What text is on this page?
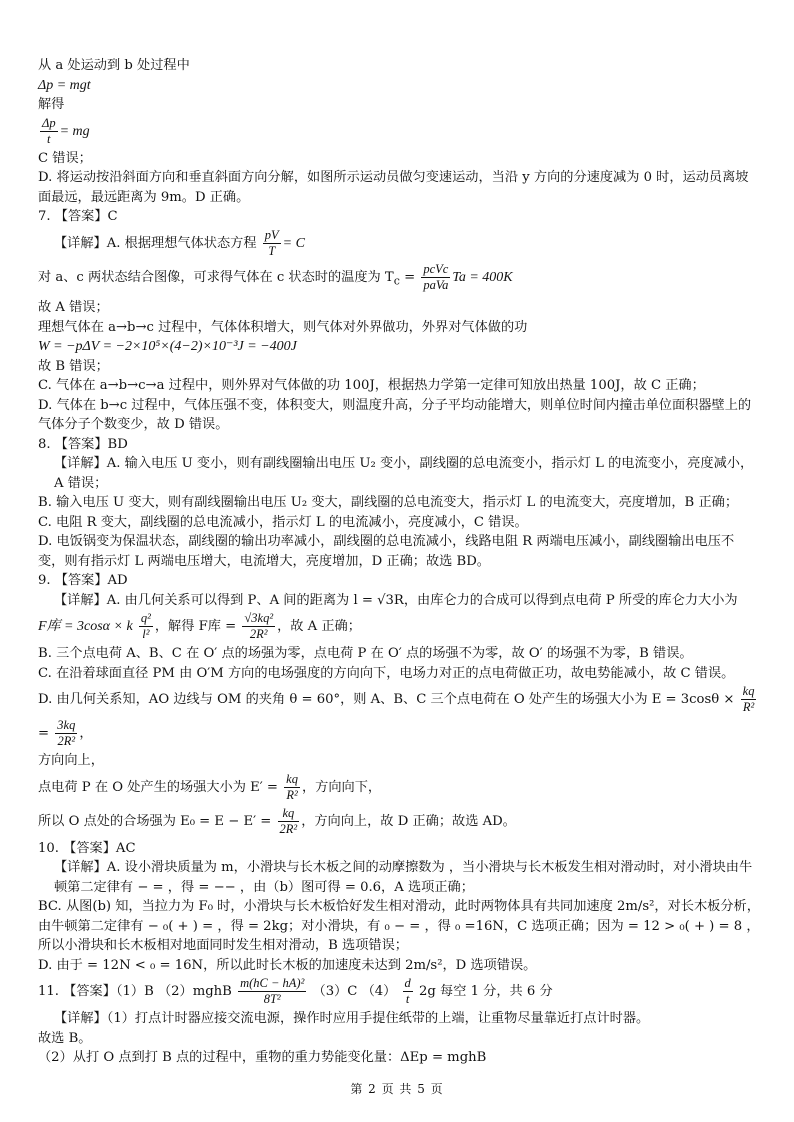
从 a 处运动到 b 处过程中

Δp = mgt

解得

$\frac{\Delta p}{t}$ = mg

C 错误；

D. 将运动按沿斜面方向和垂直斜面方向分解，如图所示运动员做匀变速运动，当沿 y 方向的分速度减为 0 时，运动员离坡面最远，最远距离为 9m。D 正确。

7. 【答案】C

【详解】A. 根据理想气体状态方程 $\frac{pV}{T} = C$

对 a、c 两状态结合图像，可求得气体在 c 状态时的温度为 $T_c = \frac{\text{pcVc}}{\text{paVa}}$ Ta = 400K

故 A 错误；

理想气体在 a→b→c 过程中，气体体积增大，则气体对外界做功，外界对气体做的功

W = −pΔV = −2×10⁵×(4−2)×10⁻³J = −400J

故 B 错误；

C. 气体在 a→b→c→a 过程中，则外界对气体做的功 100J，根据热力学第一定律可知放出热量 100J，故 C 正确；

D. 气体在 b→c 过程中，气体压强不变，体积变大，则温度升高，分子平均动能增大，则单位时间内撞击单位面积器壁上的气体分子个数变少，故 D 错误。

8. 【答案】BD

【详解】A. 输入电压 U 变小，则有副线圈输出电压 U₂ 变小，副线圈的总电流变小，指示灯 L 的电流变小，亮度减小，A 错误；

B. 输入电压 U 变大，则有副线圈输出电压 U₂ 变大，副线圈的总电流变大，指示灯 L 的电流变大，亮度增加，B 正确；

C. 电阻 R 变大，副线圈的总电流减小，指示灯 L 的电流减小，亮度减小，C 错误。

D. 电饭锅变为保温状态，副线圈的输出功率减小，副线圈的总电流减小，线路电阻 R 两端电压减小，副线圈输出电压不变，则有指示灯 L 两端电压增大，电流增大，亮度增加，D 正确；故选 BD。

9. 【答案】AD

【详解】A. 由几何关系可以得到 P、A 间的距离为 l = √3R，由库仑力的合成可以得到点电荷 P 所受的库仑力大小为

F库 = 3cosα × k $\frac{\text{q²}}{\text{l²}}$ ，解得 F库 = $\frac{\text{√3kq²}}{\text{2R²}}$ ，故 A 正确；

B. 三个点电荷 A、B、C 在 O′ 点的场强为零，点电荷 P 在 O′ 点的场强不为零，故 O′ 的场强不为零，B 错误。

C. 在沿着球面直径 PM 由 O′M 方向的电场强度的方向向下，电场力对正的点电荷做正功，故电势能减小，故 C 错误。

D. 由几何关系知，AO 边线与 OM 的夹角 θ = 60°，则 A、B、C 三个点电荷在 O 处产生的场强大小为 $E = 3\cos\theta \times \frac{kq}{\text{R²}}$
= $\frac{3kq}{\text{2R²}}$ ，

方向向上，

点电荷 P 在 O 处产生的场强大小为 $E' = \frac{kq}{\text{R²}}$ ，方向向下，

所以 O 点处的合场强为 $E_0 = E - E' = \frac{kq}{\text{2R²}}$ ，方向向上，故 D 正确；故选 AD。

10. 【答案】AC

【详解】A. 设小滑块质量为 m，小滑块与长木板之间的动摩擦数为 ，当小滑块与长木板发生相对滑动时，对小滑块由牛顿第二定律有 − = ，得 = −− ，由（b）图可得 = 0.6，A 选项正确；

BC. 从图(b) 知，当拉力为 F₀ 时，小滑块与长木板恰好发生相对滑动，此时两物体具有共同加速度 2m/s²，对长木板分析，由牛顿第二定律有 − ₀( + ) = ，得 = 2kg；对小滑块，有 ₀ − = ，得 ₀ =16N，C 选项正确；因为 = 12 > ₀( + ) = 8 ，所以小滑块和长木板相对地面同时发生相对滑动，B 选项错误；

D. 由于 = 12N < ₀ = 16N，所以此时长木板的加速度未达到 2m/s²，D 选项错误。

11. 【答案】（1）B （2）mghB $\frac{\text{m(hC − hA)²}}{\text{8T²}} (3)C$ $(4) \frac{d}{t} 2g$ 每空 1 分，共 6 分

【详解】（1）打点计时器应接交流电源，操作时应用手提住纸带的上端，让重物尽量靠近打点计时器。

故选 B。

（2）从打 O 点到打 B 点的过程中，重物的重力势能变化量：ΔEp = mghB

第 2 页 共 5 页
